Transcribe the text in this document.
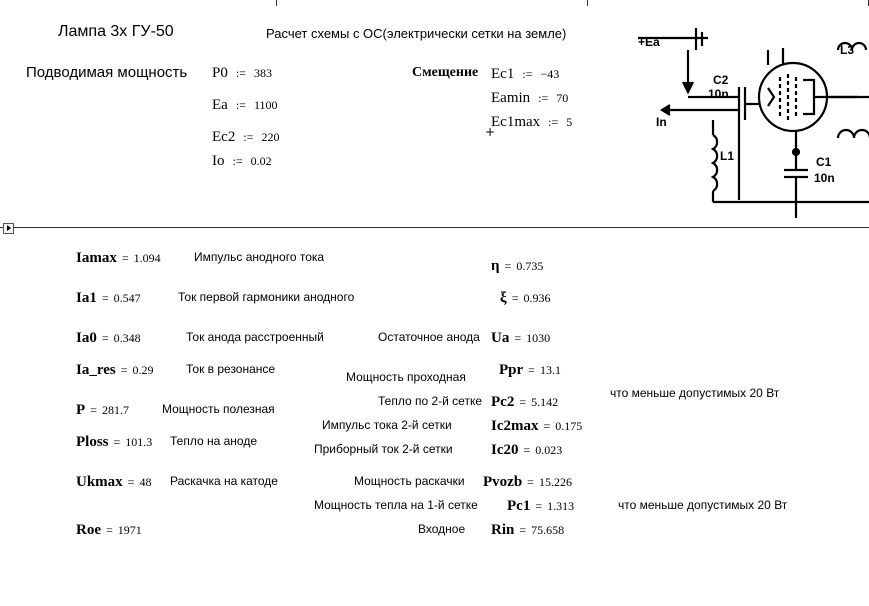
Лампа 3х ГУ-50	Расчет схемы с ОС(электрически сетки на земле)
Подводимая мощность	Смещение
P0 := 383
Ea := 1100
Ec2 := 220
Io := 0.02
Ec1 := −43
Eamin := 70
Ec1max := 5
+
+Ea
C2
10n
In
L1	C1
10n
L3
Iamax = 1.094	Импульс анодного тока
Ia1 = 0.547	Ток первой гармоники анодного
Ia0 = 0.348	Ток анода расстроенный
Ia_res = 0.29	Ток в резонансе
P = 281.7	Мощность полезная
Ploss = 101.3 Тепло на аноде
Ukmax = 48 Раскачка на катоде
Roe = 1971
η = 0.735
ξ = 0.936
Остаточное анода Ua = 1030
Мощность проходная Ppr = 13.1
Тепло по 2-й сетке Pc2 = 5.142
что меньше допустимых 20 Вт
Импульс тока 2-й сетки	Ic2max = 0.175
Приборный ток 2-й сетки	Ic20 = 0.023
Мощность раскачки Pvozb = 15.226
Мощность тепла на 1-й сетке Pc1 = 1.313	что меньше допустимых 20 Вт
Входное Rin = 75.658
